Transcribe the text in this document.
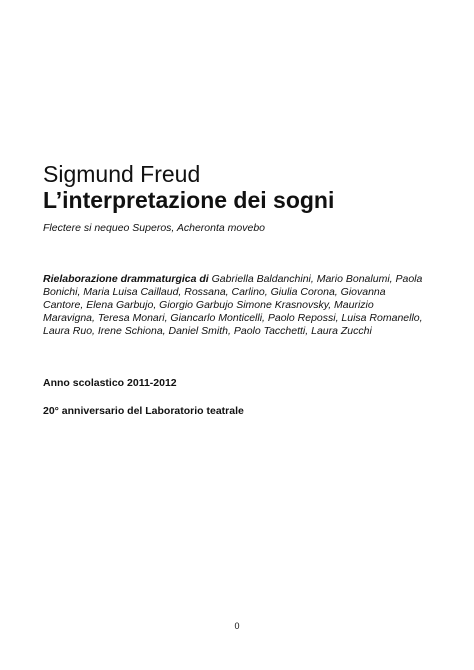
Sigmund Freud
L’interpretazione dei sogni

Flectere si nequeo Superos, Acheronta movebo

Rielaborazione drammaturgica di Gabriella Baldanchini, Mario Bonalumi, Paola Bonichi, Maria Luisa Caillaud, Rossana, Carlino, Giulia Corona, Giovanna Cantore, Elena Garbujo, Giorgio Garbujo Simone Krasnovsky, Maurizio Maravigna, Teresa Monari, Giancarlo Monticelli, Paolo Repossi, Luisa Romanello, Laura Ruo, Irene Schiona, Daniel Smith, Paolo Tacchetti, Laura Zucchi

Anno scolastico 2011-2012

20° anniversario del Laboratorio teatrale

0
